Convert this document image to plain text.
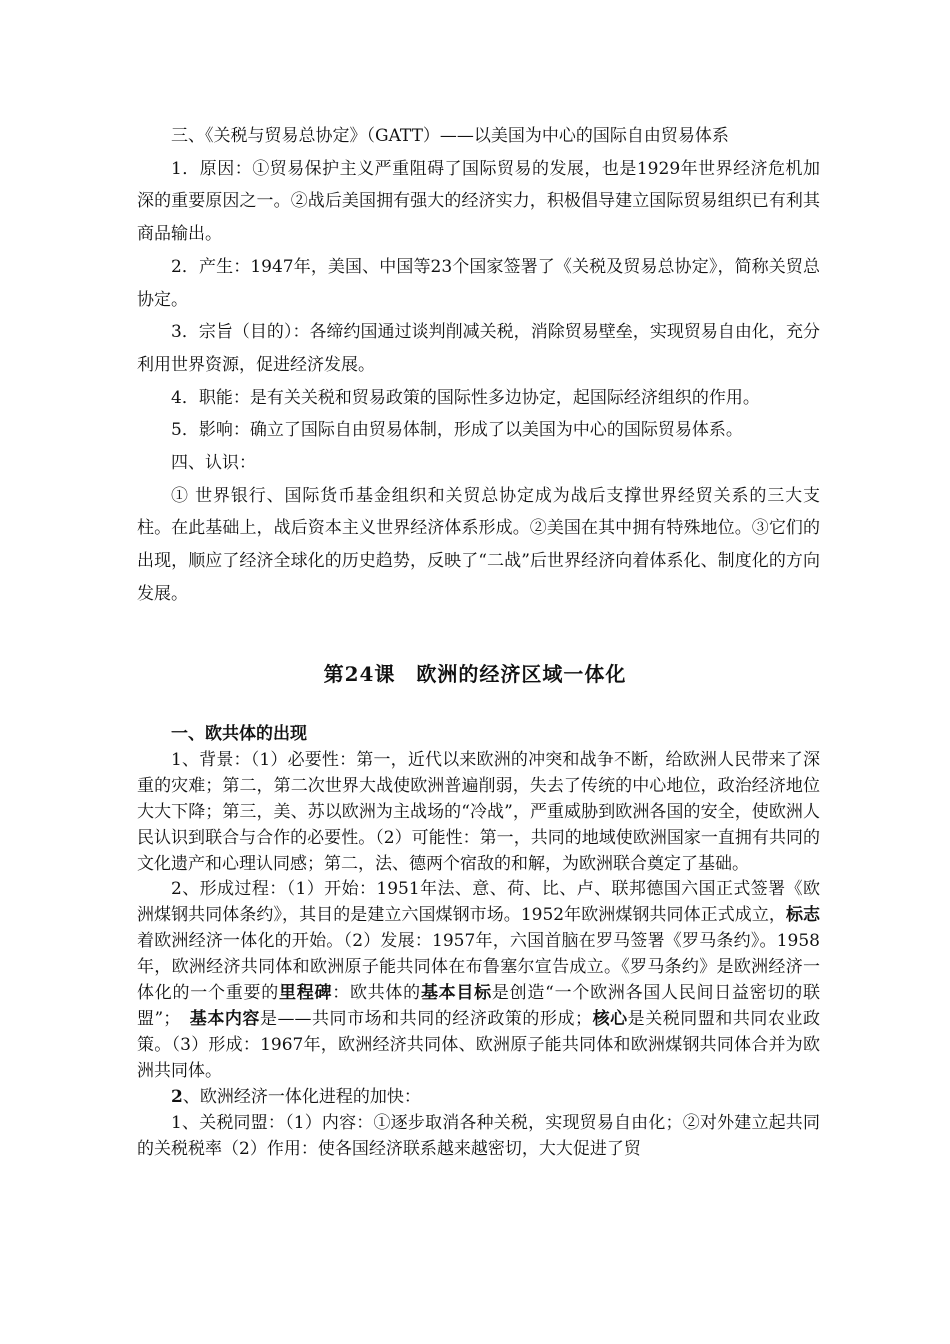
三、《关税与贸易总协定》（GATT）——以美国为中心的国际自由贸易体系

1．原因：①贸易保护主义严重阻碍了国际贸易的发展，也是1929年世界经济危机加深的重要原因之一。②战后美国拥有强大的经济实力，积极倡导建立国际贸易组织已有利其商品输出。

2．产生：1947年，美国、中国等23个国家签署了《关税及贸易总协定》，简称关贸总协定。

3．宗旨（目的）：各缔约国通过谈判削减关税，消除贸易壁垒，实现贸易自由化，充分利用世界资源，促进经济发展。

4．职能：是有关关税和贸易政策的国际性多边协定，起国际经济组织的作用。

5．影响：确立了国际自由贸易体制，形成了以美国为中心的国际贸易体系。

四、认识：

① 世界银行、国际货币基金组织和关贸总协定成为战后支撑世界经贸关系的三大支柱。在此基础上，战后资本主义世界经济体系形成。②美国在其中拥有特殊地位。③它们的出现，顺应了经济全球化的历史趋势，反映了“二战”后世界经济向着体系化、制度化的方向发展。

第24课　欧洲的经济区域一体化

一、欧共体的出现

1、背景：（1）必要性：第一，近代以来欧洲的冲突和战争不断，给欧洲人民带来了深重的灾难；第二，第二次世界大战使欧洲普遍削弱，失去了传统的中心地位，政治经济地位大大下降；第三，美、苏以欧洲为主战场的“冷战”，严重威胁到欧洲各国的安全，使欧洲人民认识到联合与合作的必要性。（2）可能性：第一，共同的地域使欧洲国家一直拥有共同的文化遗产和心理认同感；第二，法、德两个宿敌的和解，为欧洲联合奠定了基础。

2、形成过程：（1）开始：1951年法、意、荷、比、卢、联邦德国六国正式签署《欧洲煤钢共同体条约》，其目的是建立六国煤钢市场。1952年欧洲煤钢共同体正式成立，标志着欧洲经济一体化的开始。（2）发展：1957年，六国首脑在罗马签署《罗马条约》。1958年，欧洲经济共同体和欧洲原子能共同体在布鲁塞尔宣告成立。《罗马条约》是欧洲经济一体化的一个重要的里程碑：欧共体的基本目标是创造“一个欧洲各国人民间日益密切的联盟”；　基本内容是——共同市场和共同的经济政策的形成；核心是关税同盟和共同农业政策。（3）形成：1967年，欧洲经济共同体、欧洲原子能共同体和欧洲煤钢共同体合并为欧洲共同体。

2、欧洲经济一体化进程的加快：

1、关税同盟：（1）内容：①逐步取消各种关税，实现贸易自由化；②对外建立起共同的关税税率（2）作用：使各国经济联系越来越密切，大大促进了贸
